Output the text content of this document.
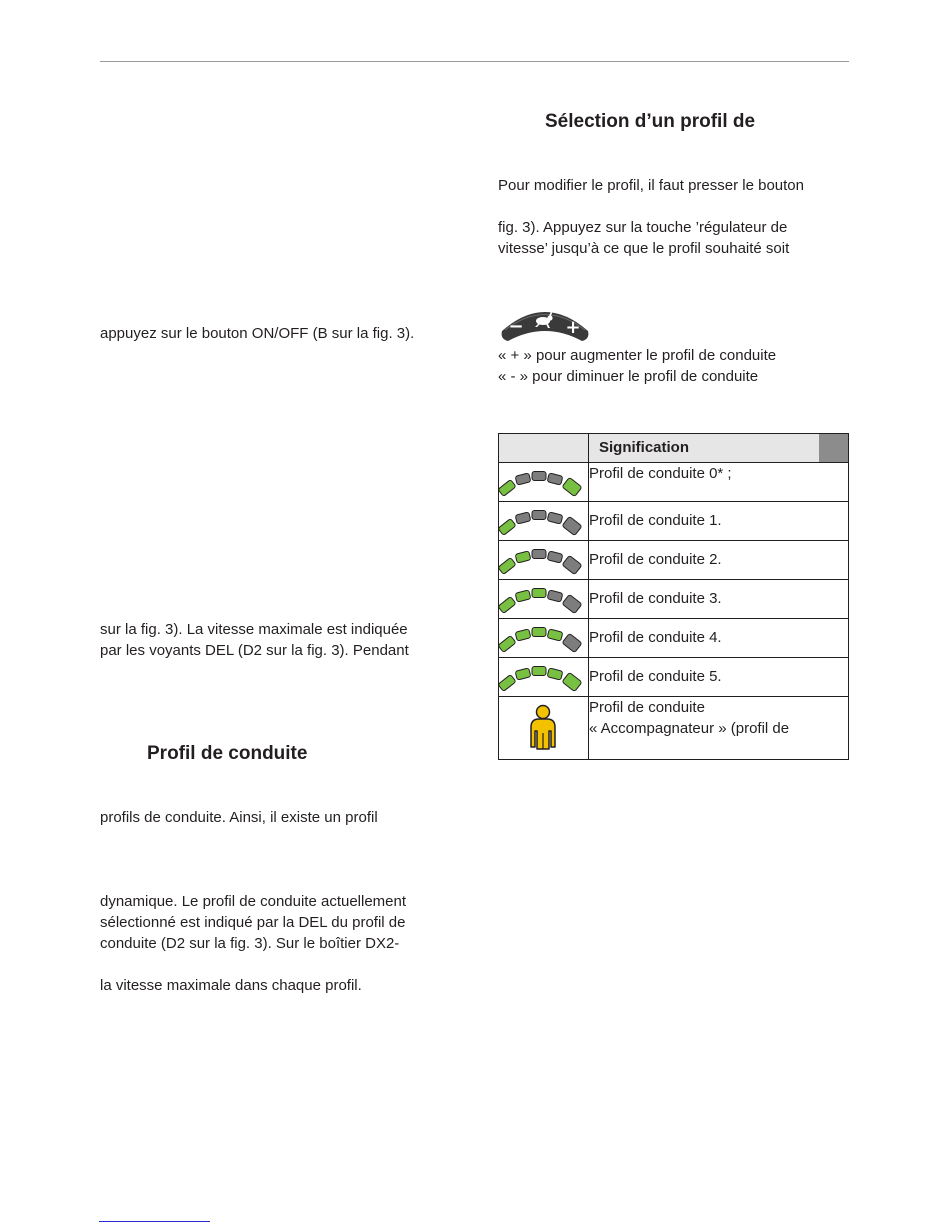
appuyez sur le bouton ON/OFF (B sur la fig. 3).
sur la fig. 3). La vitesse maximale est indiquée
par les voyants DEL (D2 sur la fig. 3). Pendant
Profil de conduite
profils de conduite. Ainsi, il existe un profil
dynamique. Le profil de conduite actuellement
sélectionné est indiqué par la DEL du profil de
conduite (D2 sur la fig. 3). Sur le boîtier DX2-
la vitesse maximale dans chaque profil.
Sélection d’un profil de
Pour modifier le profil, il faut presser le bouton
fig. 3). Appuyez sur la touche ’régulateur de
vitesse’ jusqu’à ce que le profil souhaité soit
− +
« + » pour augmenter le profil de conduite
« - » pour diminuer le profil de conduite
	Signification

Profil de conduite 0* ;

Profil de conduite 1.

Profil de conduite 2.

Profil de conduite 3.

Profil de conduite 4.

Profil de conduite 5.

Profil de conduite
« Accompagnateur » (profil de
